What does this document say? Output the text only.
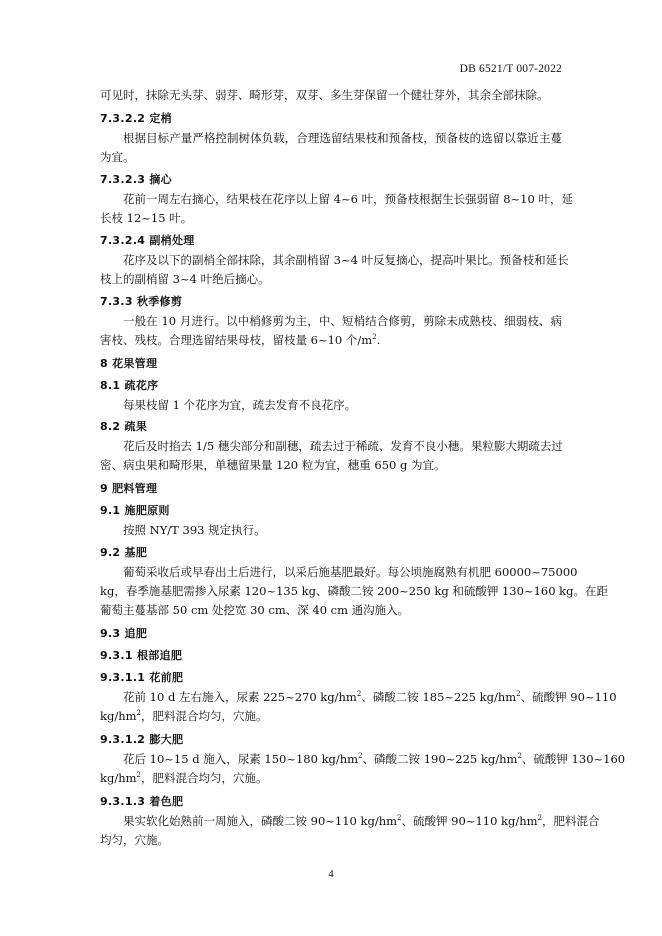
DB 6521/T 007-2022
可见时，抹除无头芽、弱芽、畸形芽，双芽、多生芽保留一个健壮芽外，其余全部抹除。
7.3.2.2 定梢
根据目标产量严格控制树体负载，合理选留结果枝和预备枝，预备枝的选留以靠近主蔓
为宜。
7.3.2.3 摘心
花前一周左右摘心，结果枝在花序以上留 4~6 叶，预备枝根据生长强弱留 8~10 叶，延
长枝 12~15 叶。
7.3.2.4 副梢处理
花序及以下的副梢全部抹除，其余副梢留 3~4 叶反复摘心，提高叶果比。预备枝和延长
枝上的副梢留 3~4 叶绝后摘心。
7.3.3 秋季修剪
一般在 10 月进行。以中梢修剪为主，中、短梢结合修剪，剪除未成熟枝、细弱枝、病
害枝、残枝。合理选留结果母枝，留枝量 6~10 个$/m^2$.
8 花果管理
8.1 疏花序
每果枝留 1 个花序为宜，疏去发育不良花序。
8.2 疏果
花后及时掐去 1/5 穗尖部分和副穗，疏去过于稀疏、发育不良小穗。果粒膨大期疏去过
密、病虫果和畸形果，单穗留果量 120 粒为宜，穗重 650 g 为宜。
9 肥料管理
9.1 施肥原则
按照 NY/T 393 规定执行。
9.2 基肥
葡萄采收后或早春出土后进行，以采后施基肥最好。每公顷施腐熟有机肥 60000~75000
kg，春季施基肥需掺入尿素 120~135 kg、磷酸二铵 200~250 kg 和硫酸钾 130~160 kg。在距
葡萄主蔓基部 50 cm 处挖宽 30 cm、深 40 cm 通沟施入。
9.3 追肥
9.3.1 根部追肥
9.3.1.1 花前肥
花前 10 d 左右施入，尿素 225~270 $kg/hm^2$、磷酸二铵 185~225 $kg/hm^2$、硫酸钾 90~110
$kg/hm^2$，肥料混合均匀，穴施。
9.3.1.2 膨大肥
花后 10~15 d 施入，尿素 150~180 $kg/hm^2$、磷酸二铵 190~225 $kg/hm^2$、硫酸钾 130~160
$kg/hm^2$，肥料混合均匀，穴施。
9.3.1.3 着色肥
果实软化始熟前一周施入，磷酸二铵 90~110 $kg/hm^2$、硫酸钾 90~110 $kg/hm^2$，肥料混合
均匀，穴施。
4
